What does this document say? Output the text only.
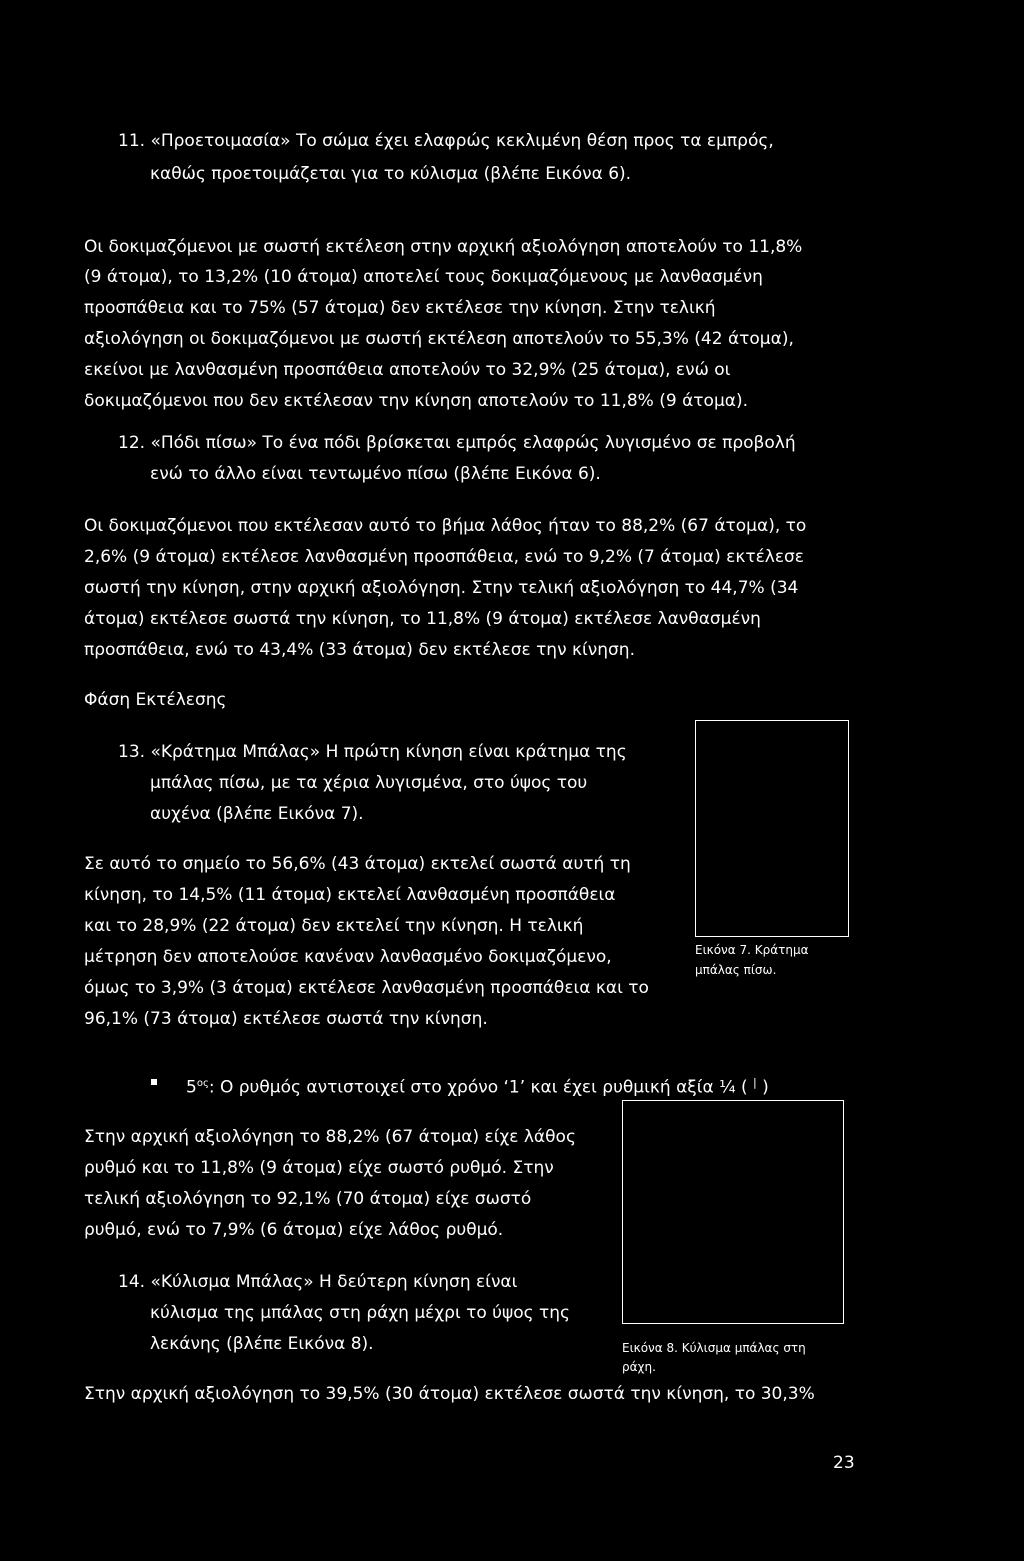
11. «Προετοιμασία» Το σώμα έχει ελαφρώς κεκλιμένη θέση προς τα εμπρός,
καθώς προετοιμάζεται για το κύλισμα (βλέπε Εικόνα 6).
Οι δοκιμαζόμενοι με σωστή εκτέλεση στην αρχική αξιολόγηση αποτελούν το 11,8%
(9 άτομα), το 13,2% (10 άτομα) αποτελεί τους δοκιμαζόμενους με λανθασμένη
προσπάθεια και το 75% (57 άτομα) δεν εκτέλεσε την κίνηση. Στην τελική
αξιολόγηση οι δοκιμαζόμενοι με σωστή εκτέλεση αποτελούν το 55,3% (42 άτομα),
εκείνοι με λανθασμένη προσπάθεια αποτελούν το 32,9% (25 άτομα), ενώ οι
δοκιμαζόμενοι που δεν εκτέλεσαν την κίνηση αποτελούν το 11,8% (9 άτομα).
12. «Πόδι πίσω» Το ένα πόδι βρίσκεται εμπρός ελαφρώς λυγισμένο σε προβολή
ενώ το άλλο είναι τεντωμένο πίσω (βλέπε Εικόνα 6).
Οι δοκιμαζόμενοι που εκτέλεσαν αυτό το βήμα λάθος ήταν το 88,2% (67 άτομα), το
2,6% (9 άτομα) εκτέλεσε λανθασμένη προσπάθεια, ενώ το 9,2% (7 άτομα) εκτέλεσε
σωστή την κίνηση, στην αρχική αξιολόγηση. Στην τελική αξιολόγηση το 44,7% (34
άτομα) εκτέλεσε σωστά την κίνηση, το 11,8% (9 άτομα) εκτέλεσε λανθασμένη
προσπάθεια, ενώ το 43,4% (33 άτομα) δεν εκτέλεσε την κίνηση.
Φάση Εκτέλεσης
13. «Κράτημα Μπάλας» Η πρώτη κίνηση είναι κράτημα της
μπάλας πίσω, με τα χέρια λυγισμένα, στο ύψος του
αυχένα (βλέπε Εικόνα 7).
Σε αυτό το σημείο το 56,6% (43 άτομα) εκτελεί σωστά αυτή τη
κίνηση, το 14,5% (11 άτομα) εκτελεί λανθασμένη προσπάθεια
και το 28,9% (22 άτομα) δεν εκτελεί την κίνηση. Η τελική
μέτρηση δεν αποτελούσε κανέναν λανθασμένο δοκιμαζόμενο,
όμως το 3,9% (3 άτομα) εκτέλεσε λανθασμένη προσπάθεια και το
96,1% (73 άτομα) εκτέλεσε σωστά την κίνηση.
Εικόνα 7. Κράτημα
μπάλας πίσω.
$5^{o\varsigma}$: Ο ρυθμός αντιστοιχεί στο χρόνο ‘1’ και έχει ρυθμική αξία ¼ ( | )
Στην αρχική αξιολόγηση το 88,2% (67 άτομα) είχε λάθος
ρυθμό και το 11,8% (9 άτομα) είχε σωστό ρυθμό. Στην
τελική αξιολόγηση το 92,1% (70 άτομα) είχε σωστό
ρυθμό, ενώ το 7,9% (6 άτομα) είχε λάθος ρυθμό.
14. «Κύλισμα Μπάλας» Η δεύτερη κίνηση είναι
κύλισμα της μπάλας στη ράχη μέχρι το ύψος της
λεκάνης (βλέπε Εικόνα 8).	Εικόνα 8. Κύλισμα μπάλας στη
ράχη.
Στην αρχική αξιολόγηση το 39,5% (30 άτομα) εκτέλεσε σωστά την κίνηση, το 30,3%
23
